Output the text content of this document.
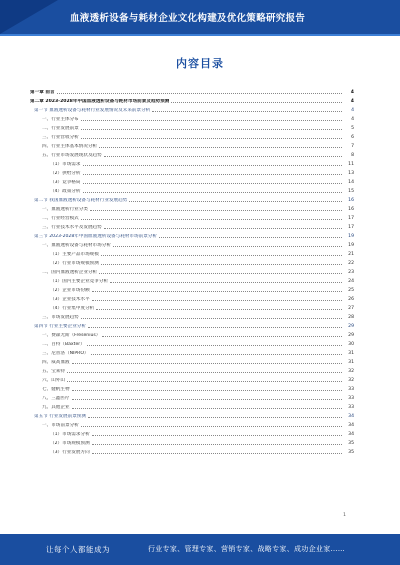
血液透析设备与耗材企业文化构建及优化策略研究报告
内容目录
第一章 前言	4
第二章 2023-2028年中国血液透析设备与耗材市场前景及趋势预测	4
第一节 血液透析设备与耗材行业发展情况及未来前景分析	4
一、行业主体分布	4
二、行业发展前景	5
三、行业营收分析	6
四、行业主体基本情况分析	7
五、行业市场发展现状及趋势	8
（1）市场需求	11
（2）供给分析	13
（3）竞争格局	14
（4）政策分析	15
第二节 我国血液透析设备与耗材行业发展趋势	16
一、血液透析行业分类	16
二、行业经营模式	17
三、行业技术水平及发展趋势	17
第三节 2023-2028年中国血液透析设备与耗材市场前景分析	19
一、血液透析设备与耗材市场分析	19
（1）主要产品市场规模	21
（2）行业市场规模预测	22
二、国内血液透析企业分析	23
（1）国内主要企业竞争分析	24
（2）企业市场份额	25
（3）企业技术水平	26
（4）行业集中度分析	27
三、市场发展趋势	28
第四节 行业主要企业分析	29
一、费森尤斯（Fresenius）	29
二、百特（Baxter）	30
三、尼普洛（NIPRO）	31
四、威高血液	31
五、宝莱特	32
六、山外山	32
七、健帆生物	33
八、三鑫医疗	33
九、其他企业	33
第五节 行业发展前景预测	34
一、市场前景分析	34
（1）市场需求分析	34
（2）市场规模预测	35
（3）行业发展方向	35
1
让每个人都能成为	行业专家、管理专家、营销专家、战略专家、成功企业家……
